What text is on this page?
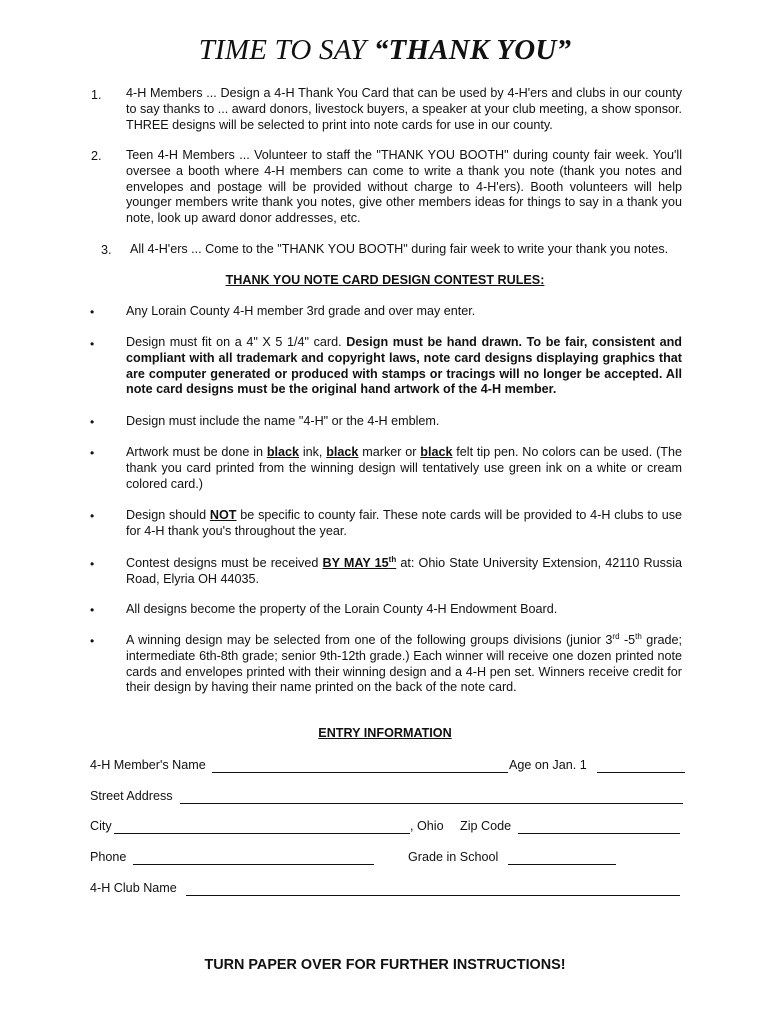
TIME TO SAY “THANK YOU”
1. 4-H Members ... Design a 4-H Thank You Card that can be used by 4-H'ers and clubs in our county to say thanks to ... award donors, livestock buyers, a speaker at your club meeting, a show sponsor. THREE designs will be selected to print into note cards for use in our county.
2. Teen 4-H Members ... Volunteer to staff the "THANK YOU BOOTH" during county fair week. You'll oversee a booth where 4-H members can come to write a thank you note (thank you notes and envelopes and postage will be provided without charge to 4-H'ers). Booth volunteers will help younger members write thank you notes, give other members ideas for things to say in a thank you note, look up award donor addresses, etc.
3. All 4-H'ers ... Come to the "THANK YOU BOOTH" during fair week to write your thank you notes.
THANK YOU NOTE CARD DESIGN CONTEST RULES:
•	Any Lorain County 4-H member 3rd grade and over may enter.
•	Design must fit on a 4" X 5 1/4" card. Design must be hand drawn. To be fair, consistent and compliant with all trademark and copyright laws, note card designs displaying graphics that are computer generated or produced with stamps or tracings will no longer be accepted. All note card designs must be the original hand artwork of the 4-H member.
•	Design must include the name "4-H" or the 4-H emblem.
•	Artwork must be done in black ink, black marker or black felt tip pen. No colors can be used. (The thank you card printed from the winning design will tentatively use green ink on a white or cream colored card.)
•	Design should NOT be specific to county fair. These note cards will be provided to 4-H clubs to use for 4-H thank you's throughout the year.
•	Contest designs must be received BY MAY 15th at: Ohio State University Extension, 42110 Russia Road, Elyria OH 44035.
•	All designs become the property of the Lorain County 4-H Endowment Board.
•	A winning design may be selected from one of the following groups divisions (junior 3rd -5th grade; intermediate 6th-8th grade; senior 9th-12th grade.) Each winner will receive one dozen printed note cards and envelopes printed with their winning design and a 4-H pen set. Winners receive credit for their design by having their name printed on the back of the note card.
ENTRY INFORMATION
4-H Member's Name	Age on Jan. 1
Street Address
City	, Ohio Zip Code
Phone	Grade in School
4-H Club Name
TURN PAPER OVER FOR FURTHER INSTRUCTIONS!
